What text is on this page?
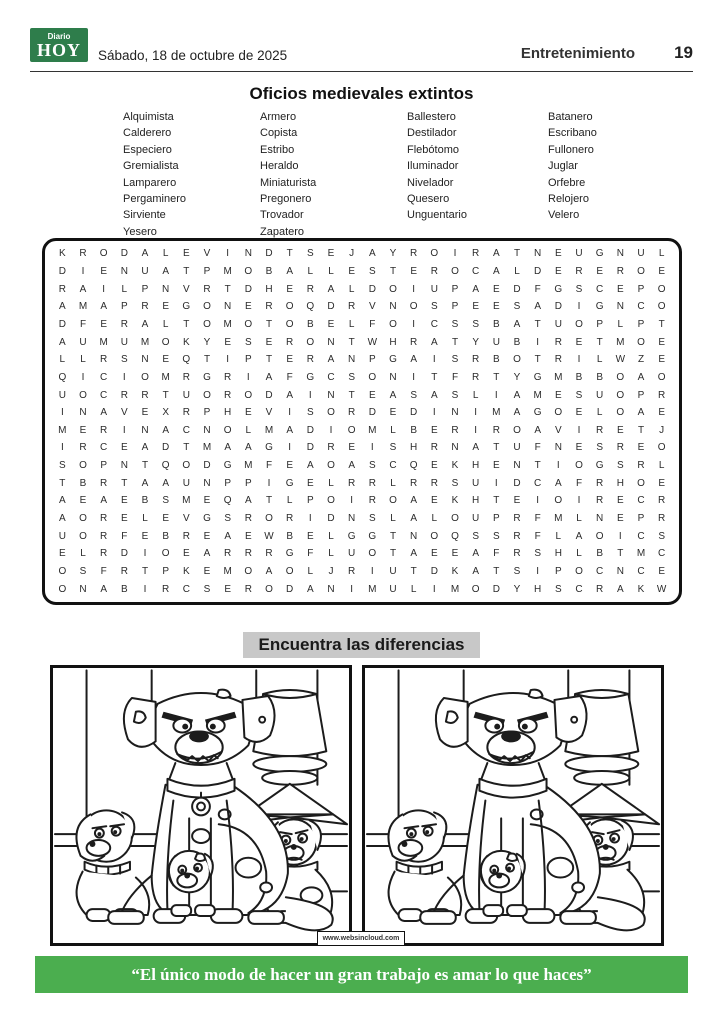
Diario
HOY Sábado, 18 de octubre de 2025	Entretenimiento 19
Oficios medievales extintos
Alquimista
Calderero
Especiero
Gremialista
Lamparero
Pergaminero
Sirviente
Yesero
Armero
Copista
Estribo
Heraldo
Miniaturista
Pregonero
Trovador
Zapatero
Ballestero
Destilador
Flebótomo
Iluminador
Nivelador
Quesero
Unguentario
Batanero
Escribano
Fullonero
Juglar
Orfebre
Relojero
Velero
K	R	O	D	A	L	E	V	I	N	D	T	S	E	J	A	Y	R	O	I	R	A	T	N	E	U	G	N	U	L
D	I	E	N	U	A	T	P	M	O	B	A	L	L	E	S	T	E	R	O	C	A	L	D	E	R	E	R	O	E
R	A	I	L	P	N	V	R	T	D	H	E	R	A	L	D	O	I	U	P	A	E	D	F	G	S	C	E	P	O
A	M	A	P	R	E	G	O	N	E	R	O	Q	D	R	V	N	O	S	P	E	E	S	A	D	I	G	N	C	O
D	F	E	R	A	L	T	O	M	O	T	O	B	E	L	F	O	I	C	S	S	B	A	T	U	O	P	L	P	T
A	U	M	U	M	O	K	Y	E	S	E	R	O	N	T	W	H	R	A	T	Y	U	B	I	R	E	T	M	O	E
L	L	R	S	N	E	Q	T	I	P	T	E	R	A	N	P	G	A	I	S	R	B	O	T	R	I	L	W	Z	E
Q	I	C	I	O	M	R	G	R	I	A	F	G	C	S	O	N	I	T	F	R	T	Y	G	M	B	B	O	A	O
U	O	C	R	R	T	U	O	R	O	D	A	I	N	T	E	A	S	A	S	L	I	A	M	E	S	U	O	P	R
I	N	A	V	E	X	R	P	H	E	V	I	S	O	R	D	E	D	I	N	I	M	A	G	O	E	L	O	A	E
M	E	R	I	N	A	C	N	O	L	M	A	D	I	O	M	L	B	E	R	I	R	O	A	V	I	R	E	T	J
I	R	C	E	A	D	T	M	A	A	G	I	D	R	E	I	S	H	R	N	A	T	U	F	N	E	S	R	E	O
S	O	P	N	T	Q	O	D	G	M	F	E	A	O	A	S	C	Q	E	K	H	E	N	T	I	O	G	S	R	L
T	B	R	T	A	A	U	N	P	P	I	G	E	L	R	R	L	R	R	S	U	I	D	C	A	F	R	H	O	E
A	E	A	E	B	S	M	E	Q	A	T	L	P	O	I	R	O	A	E	K	H	T	E	I	O	I	R	E	C	R
A	O	R	E	L	E	V	G	S	R	O	R	I	D	N	S	L	A	L	O	U	P	R	F	M	L	N	E	P	R
U	O	R	F	E	B	R	E	A	E	W	B	E	L	G	G	T	N	O	Q	S	S	R	F	L	A	O	I	C	S
E	L	R	D	I	O	E	A	R	R	R	G	F	L	U	O	T	A	E	E	A	F	R	S	H	L	B	T	M	C
O	S	F	R	T	P	K	E	M	O	A	O	L	J	R	I	U	T	D	K	A	T	S	I	P	O	C	N	C	E
O	N	A	B	I	R	C	S	E	R	O	D	A	N	I	M	U	L	I	M	O	D	Y	H	S	C	R	A	K	W
Encuentra las diferencias
www.websincloud.com
“El único modo de hacer un gran trabajo es amar lo que haces”
